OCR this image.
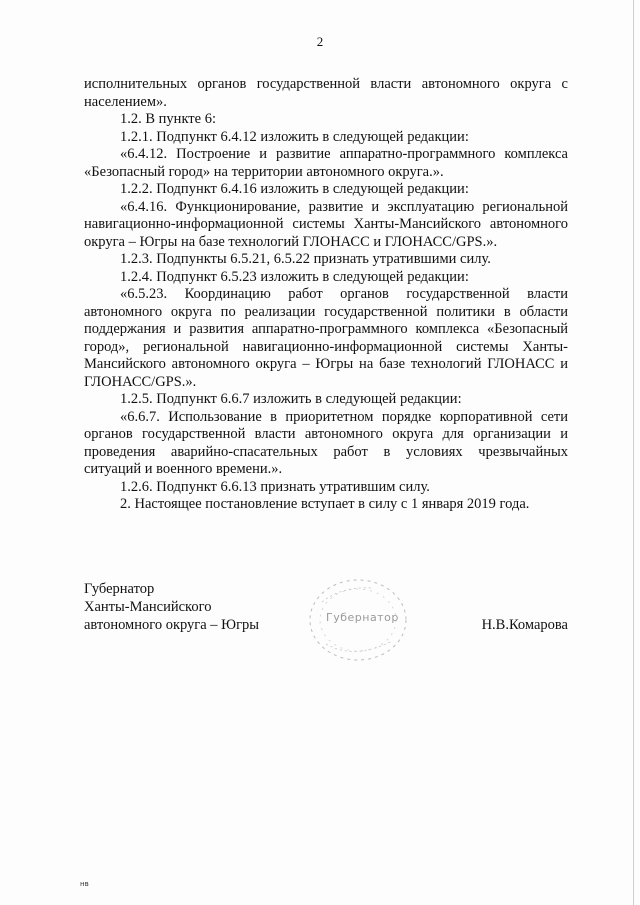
2

исполнительных органов государственной власти автономного округа с населением».

1.2. В пункте 6:

1.2.1. Подпункт 6.4.12 изложить в следующей редакции:

«6.4.12. Построение и развитие аппаратно-программного комплекса «Безопасный город» на территории автономного округа.».

1.2.2. Подпункт 6.4.16 изложить в следующей редакции:

«6.4.16. Функционирование, развитие и эксплуатацию региональной навигационно-информационной системы Ханты-Мансийского автономного округа – Югры на базе технологий ГЛОНАСС и ГЛОНАСС/GPS.».

1.2.3. Подпункты 6.5.21, 6.5.22 признать утратившими силу.

1.2.4. Подпункт 6.5.23 изложить в следующей редакции:

«6.5.23. Координацию работ органов государственной власти автономного округа по реализации государственной политики в области поддержания и развития аппаратно-программного комплекса «Безопасный город», региональной навигационно-информационной системы Ханты-Мансийского автономного округа – Югры на базе технологий ГЛОНАСС и ГЛОНАСС/GPS.».

1.2.5. Подпункт 6.6.7 изложить в следующей редакции:

«6.6.7. Использование в приоритетном порядке корпоративной сети органов государственной власти автономного округа для организации и проведения аварийно-спасательных работ в условиях чрезвычайных ситуаций и военного времени.».

1.2.6. Подпункт 6.6.13 признать утратившим силу.

2. Настоящее постановление вступает в силу с 1 января 2019 года.

Губернатор
Губернатор
Ханты-Мансийского
автономного округа – Югры	Н.В.Комарова
нв
